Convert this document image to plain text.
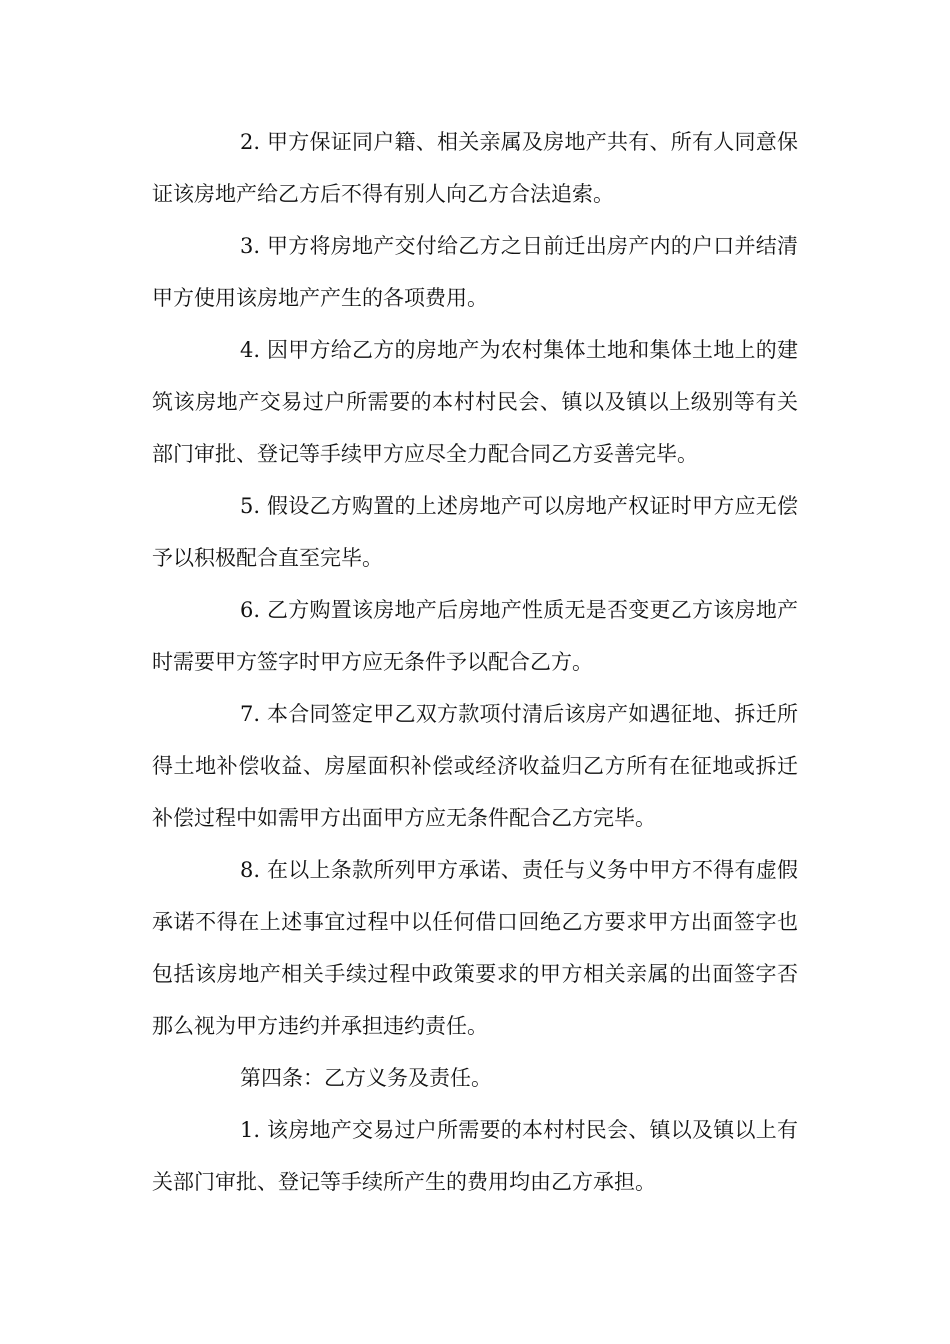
2. 甲方保证同户籍、相关亲属及房地产共有、所有人同意保证该房地产给乙方后不得有别人向乙方合法追索。

3. 甲方将房地产交付给乙方之日前迁出房产内的户口并结清甲方使用该房地产产生的各项费用。

4. 因甲方给乙方的房地产为农村集体土地和集体土地上的建筑该房地产交易过户所需要的本村村民会、镇以及镇以上级别等有关部门审批、登记等手续甲方应尽全力配合同乙方妥善完毕。

5. 假设乙方购置的上述房地产可以房地产权证时甲方应无偿予以积极配合直至完毕。

6. 乙方购置该房地产后房地产性质无是否变更乙方该房地产时需要甲方签字时甲方应无条件予以配合乙方。

7. 本合同签定甲乙双方款项付清后该房产如遇征地、拆迁所得土地补偿收益、房屋面积补偿或经济收益归乙方所有在征地或拆迁补偿过程中如需甲方出面甲方应无条件配合乙方完毕。

8. 在以上条款所列甲方承诺、责任与义务中甲方不得有虚假承诺不得在上述事宜过程中以任何借口回绝乙方要求甲方出面签字也包括该房地产相关手续过程中政策要求的甲方相关亲属的出面签字否那么视为甲方违约并承担违约责任。

第四条：乙方义务及责任。

1. 该房地产交易过户所需要的本村村民会、镇以及镇以上有关部门审批、登记等手续所产生的费用均由乙方承担。
